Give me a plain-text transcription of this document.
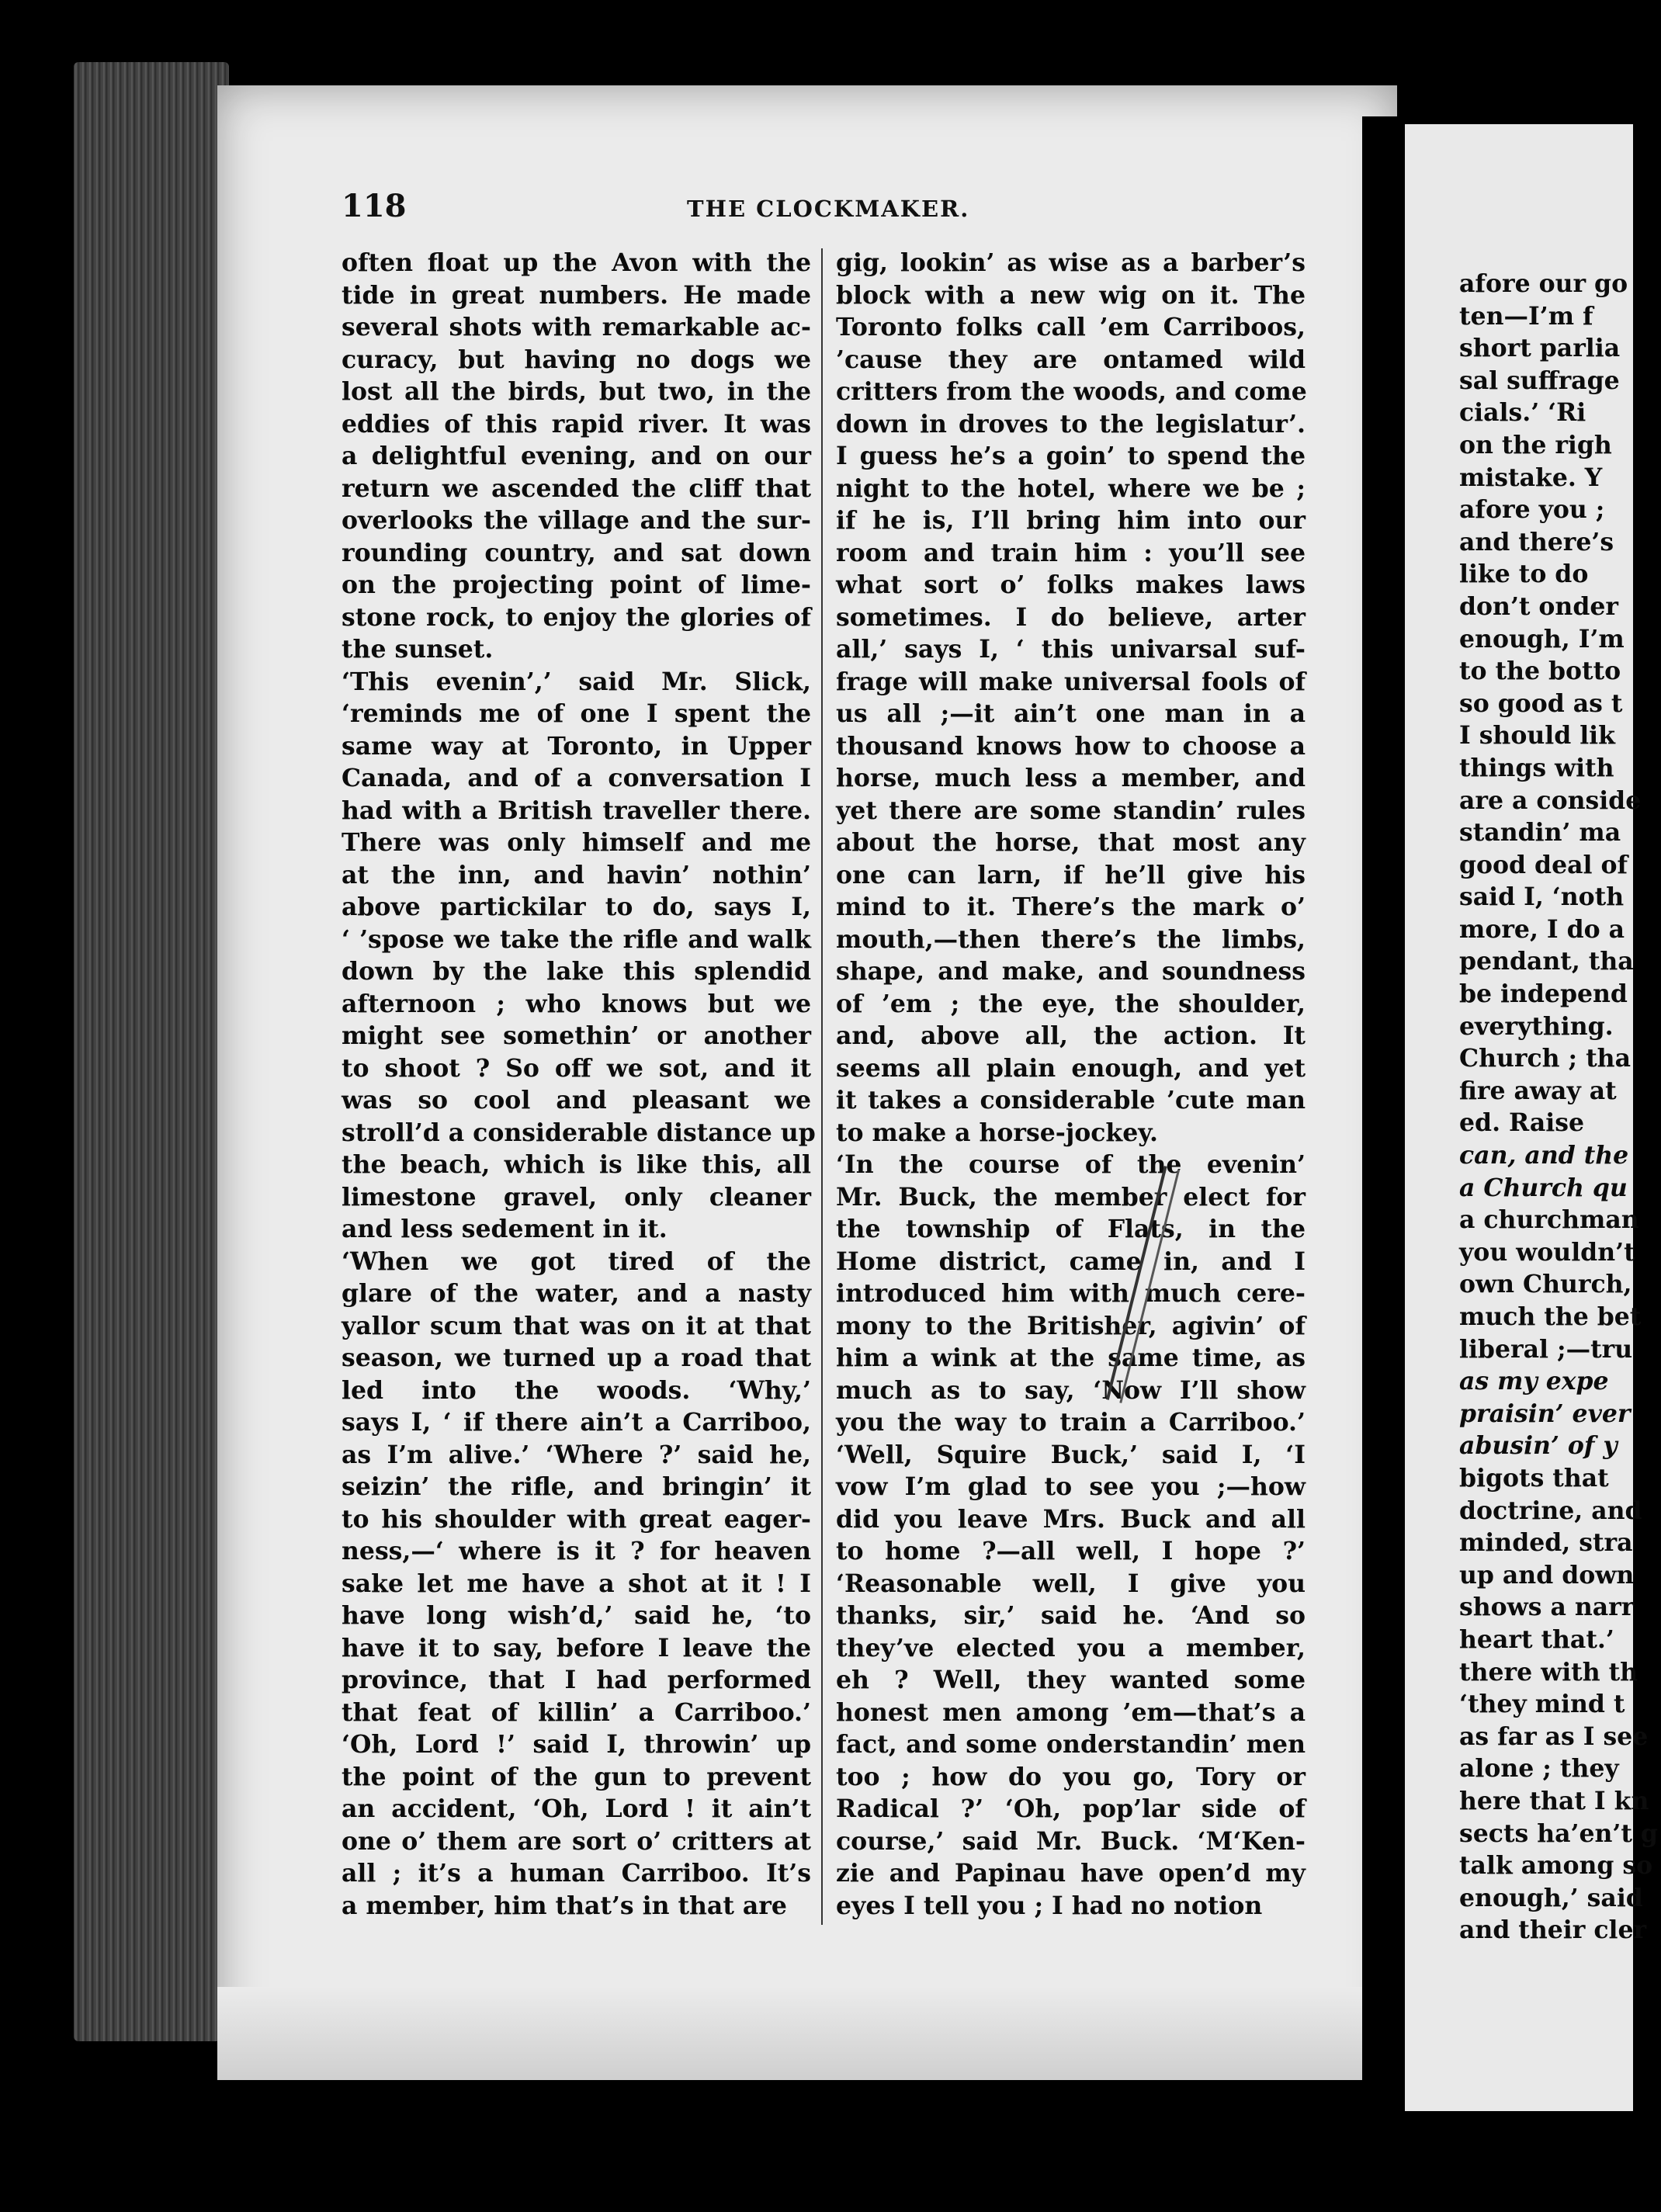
118	THE CLOCKMAKER.
often float up the Avon with the
tide in great numbers. He made
several shots with remarkable ac-
curacy, but having no dogs we
lost all the birds, but two, in the
eddies of this rapid river. It was
a delightful evening, and on our
return we ascended the cliff that
overlooks the village and the sur-
rounding country, and sat down
on the projecting point of lime-
stone rock, to enjoy the glories of
the sunset.
‘This evenin’,’ said Mr. Slick,
‘reminds me of one I spent the
same way at Toronto, in Upper
Canada, and of a conversation I
had with a British traveller there.
There was only himself and me
at the inn, and havin’ nothin’
above partickilar to do, says I,
‘ ’spose we take the rifle and walk
down by the lake this splendid
afternoon ; who knows but we
might see somethin’ or another
to shoot ? So off we sot, and it
was so cool and pleasant we
stroll’d a considerable distance up
the beach, which is like this, all
limestone gravel, only cleaner
and less sedement in it.
‘When we got tired of the
glare of the water, and a nasty
yallor scum that was on it at that
season, we turned up a road that
led into the woods. ‘Why,’
says I, ‘ if there ain’t a Carriboo,
as I’m alive.’ ‘Where ?’ said he,
seizin’ the rifle, and bringin’ it
to his shoulder with great eager-
ness,—‘ where is it ? for heaven
sake let me have a shot at it ! I
have long wish’d,’ said he, ‘to
have it to say, before I leave the
province, that I had performed
that feat of killin’ a Carriboo.’
‘Oh, Lord !’ said I, throwin’ up
the point of the gun to prevent
an accident, ‘Oh, Lord ! it ain’t
one o’ them are sort o’ critters at
all ; it’s a human Carriboo. It’s
a member, him that’s in that are
gig, lookin’ as wise as a barber’s
block with a new wig on it. The
Toronto folks call ’em Carriboos,
’cause they are ontamed wild
critters from the woods, and come
down in droves to the legislatur’.
I guess he’s a goin’ to spend the
night to the hotel, where we be ;
if he is, I’ll bring him into our
room and train him : you’ll see
what sort o’ folks makes laws
sometimes. I do believe, arter
all,’ says I, ‘ this univarsal suf-
frage will make universal fools of
us all ;—it ain’t one man in a
thousand knows how to choose a
horse, much less a member, and
yet there are some standin’ rules
about the horse, that most any
one can larn, if he’ll give his
mind to it. There’s the mark o’
mouth,—then there’s the limbs,
shape, and make, and soundness
of ’em ; the eye, the shoulder,
and, above all, the action. It
seems all plain enough, and yet
it takes a considerable ’cute man
to make a horse-jockey.
‘In the course of the evenin’
Mr. Buck, the member elect for
the township of Flats, in the
Home district, came in, and I
introduced him with much cere-
mony to the Britisher, agivin’ of
him a wink at the same time, as
much as to say, ‘Now I’ll show
you the way to train a Carriboo.’
‘Well, Squire Buck,’ said I, ‘I
vow I’m glad to see you ;—how
did you leave Mrs. Buck and all
to home ?—all well, I hope ?’
‘Reasonable well, I give you
thanks, sir,’ said he. ‘And so
they’ve elected you a member,
eh ? Well, they wanted some
honest men among ’em—that’s a
fact, and some onderstandin’ men
too ; how do you go, Tory or
Radical ?’ ‘Oh, pop’lar side of
course,’ said Mr. Buck. ‘M‘Ken-
zie and Papinau have open’d my
eyes I tell you ; I had no notion
afore our go
ten—I’m f
short parlia
sal suffrage
cials.’ ‘Ri
on the righ
mistake. Y
afore you ;
and there’s
like to do
don’t onder
enough, I’m
to the botto
so good as t
I should lik
things with
are a conside
standin’ ma
good deal of
said I, ‘noth
more, I do a
pendant, tha
be independ
everything.
Church ; tha
fire away at
ed. Raise
can, and the
a Church qu
a churchman
you wouldn’t
own Church,
much the bet
liberal ;—tru
as my expe
praisin’ ever
abusin’ of y
bigots that
doctrine, and
minded, stra
up and down
shows a narr
heart that.’
there with th
‘they mind t
as far as I see
alone ; they
here that I kn
sects ha’en’t g
talk among so
enough,’ said
and their cler
